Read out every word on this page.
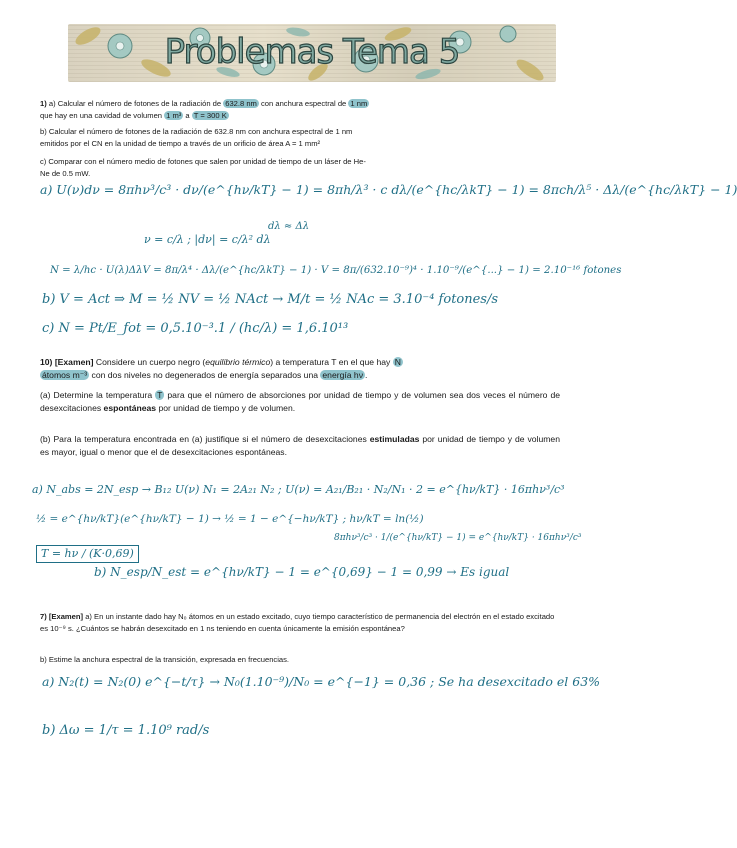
Problemas Tema 5

1) a) Calcular el número de fotones de la radiación de 632.8 nm con anchura espectral de 1 nm
que hay en una cavidad de volumen 1 m³ a T = 300 K

b) Calcular el número de fotones de la radiación de 632.8 nm con anchura espectral de 1 nm emitidos por el CN en la unidad de tiempo a través de un orificio de área A = 1 mm²

c) Comparar con el número medio de fotones que salen por unidad de tiempo de un láser de He-Ne de 0.5 mW.

a) U(ν)dν = 8πhν³/c³ · dν/(e^{hν/kT} − 1) = 8πh/λ³ · c dλ/(e^{hc/λkT} − 1) = 8πch/λ⁵ · Δλ/(e^{hc/λkT} − 1)
dλ ≈ Δλ
ν = c/λ ; |dν| = c/λ² dλ
N = λ/hc · U(λ)ΔλV = 8π/λ⁴ · Δλ/(e^{hc/λkT} − 1) · V = 8π/(632.10⁻⁹)⁴ · 1.10⁻⁹/(e^{...} − 1) = 2.10⁻¹⁶ fotones
b) V = Act ⇒ M = ½ NV = ½ NAct → M/t = ½ NAc = 3.10⁻⁴ fotones/s
c) N = Pt/E_fot = 0,5.10⁻³.1 / (hc/λ) = 1,6.10¹³

10) [Examen] Considere un cuerpo negro (equilibrio térmico) a temperatura T en el que hay N
átomos m⁻³ con dos niveles no degenerados de energía separados una energía hν .

(a) Determine la temperatura T para que el número de absorciones por unidad de tiempo y de volumen sea dos veces el número de desexcitaciones espontáneas por unidad de tiempo y de volumen.

(b) Para la temperatura encontrada en (a) justifique si el número de desexcitaciones estimuladas por unidad de tiempo y de volumen es mayor, igual o menor que el de desexcitaciones espontáneas.

a) N_abs = 2N_esp → B₁₂ U(ν) N₁ = 2A₂₁ N₂ ; U(ν) = A₂₁/B₂₁ · N₂/N₁ · 2 = e^{hν/kT} · 16πhν³/c³
8πhν³/c³ · 1/(e^{hν/kT} − 1) = e^{hν/kT} · 16πhν³/c³
½ = e^{hν/kT}(e^{hν/kT} − 1) → ½ = 1 − e^{−hν/kT} ; hν/kT = ln(½)
T = hν / (K·0,69)
b) N_esp/N_est = e^{hν/kT} − 1 = e^{0,69} − 1 = 0,99 → Es igual

7) [Examen] a) En un instante dado hay N₀ átomos en un estado excitado, cuyo tiempo característico de permanencia del electrón en el estado excitado es 10⁻⁹ s. ¿Cuántos se habrán desexcitado en 1 ns teniendo en cuenta únicamente la emisión espontánea?

b) Estime la anchura espectral de la transición, expresada en frecuencias.

a) N₂(t) = N₂(0) e^{−t/τ} → N₀(1.10⁻⁹)/N₀ = e^{−1} = 0,36 ; Se ha desexcitado el 63%
b) Δω = 1/τ = 1.10⁹ rad/s
